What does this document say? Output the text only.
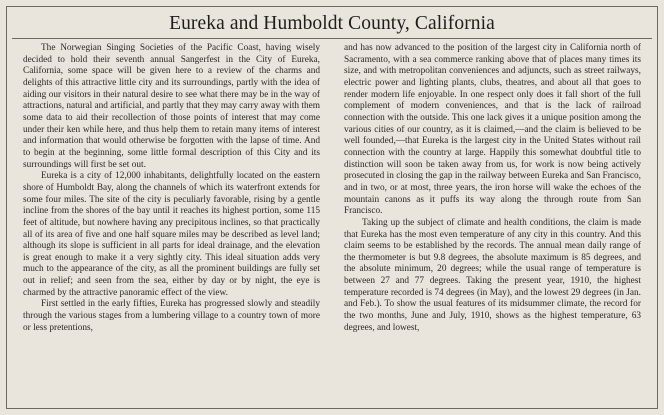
Eureka and Humboldt County, California

The Norwegian Singing Societies of the Pacific Coast, having wisely decided to hold their seventh annual Sangerfest in the City of Eureka, California, some space will be given here to a review of the charms and delights of this attractive little city and its surroundings, partly with the idea of aiding our visitors in their natural desire to see what there may be in the way of attractions, natural and artificial, and partly that they may carry away with them some data to aid their recollection of those points of interest that may come under their ken while here, and thus help them to retain many items of interest and information that would otherwise be forgotten with the lapse of time. And to begin at the beginning, some little formal description of this City and its surroundings will first be set out.

Eureka is a city of 12,000 inhabitants, delightfully located on the eastern shore of Humboldt Bay, along the channels of which its waterfront extends for some four miles. The site of the city is peculiarly favorable, rising by a gentle incline from the shores of the bay until it reaches its highest portion, some 115 feet of altitude, but nowhere having any precipitous inclines, so that practically all of its area of five and one half square miles may be described as level land; although its slope is sufficient in all parts for ideal drainage, and the elevation is great enough to make it a very sightly city. This ideal situation adds very much to the appearance of the city, as all the prominent buildings are fully set out in relief; and seen from the sea, either by day or by night, the eye is charmed by the attractive panoramic effect of the view.

First settled in the early fifties, Eureka has progressed slowly and steadily through the various stages from a lumbering village to a country town of more or less pretentions,

and has now advanced to the position of the largest city in California north of Sacramento, with a sea commerce ranking above that of places many times its size, and with metropolitan conveniences and adjuncts, such as street railways, electric power and lighting plants, clubs, theatres, and about all that goes to render modern life enjoyable. In one respect only does it fall short of the full complement of modern conveniences, and that is the lack of railroad connection with the outside. This one lack gives it a unique position among the various cities of our country, as it is claimed,—and the claim is believed to be well founded,—that Eureka is the largest city in the United States without rail connection with the country at large. Happily this somewhat doubtful title to distinction will soon be taken away from us, for work is now being actively prosecuted in closing the gap in the railway between Eureka and San Francisco, and in two, or at most, three years, the iron horse will wake the echoes of the mountain canons as it puffs its way along the through route from San Francisco.

Taking up the subject of climate and health conditions, the claim is made that Eureka has the most even temperature of any city in this country. And this claim seems to be established by the records. The annual mean daily range of the thermometer is but 9.8 degrees, the absolute maximum is 85 degrees, and the absolute minimum, 20 degrees; while the usual range of temperature is between 27 and 77 degrees. Taking the present year, 1910, the highest temperature recorded is 74 degrees (in May), and the lowest 29 degrees (in Jan. and Feb.). To show the usual features of its midsummer climate, the record for the two months, June and July, 1910, shows as the highest temperature, 63 degrees, and lowest,
